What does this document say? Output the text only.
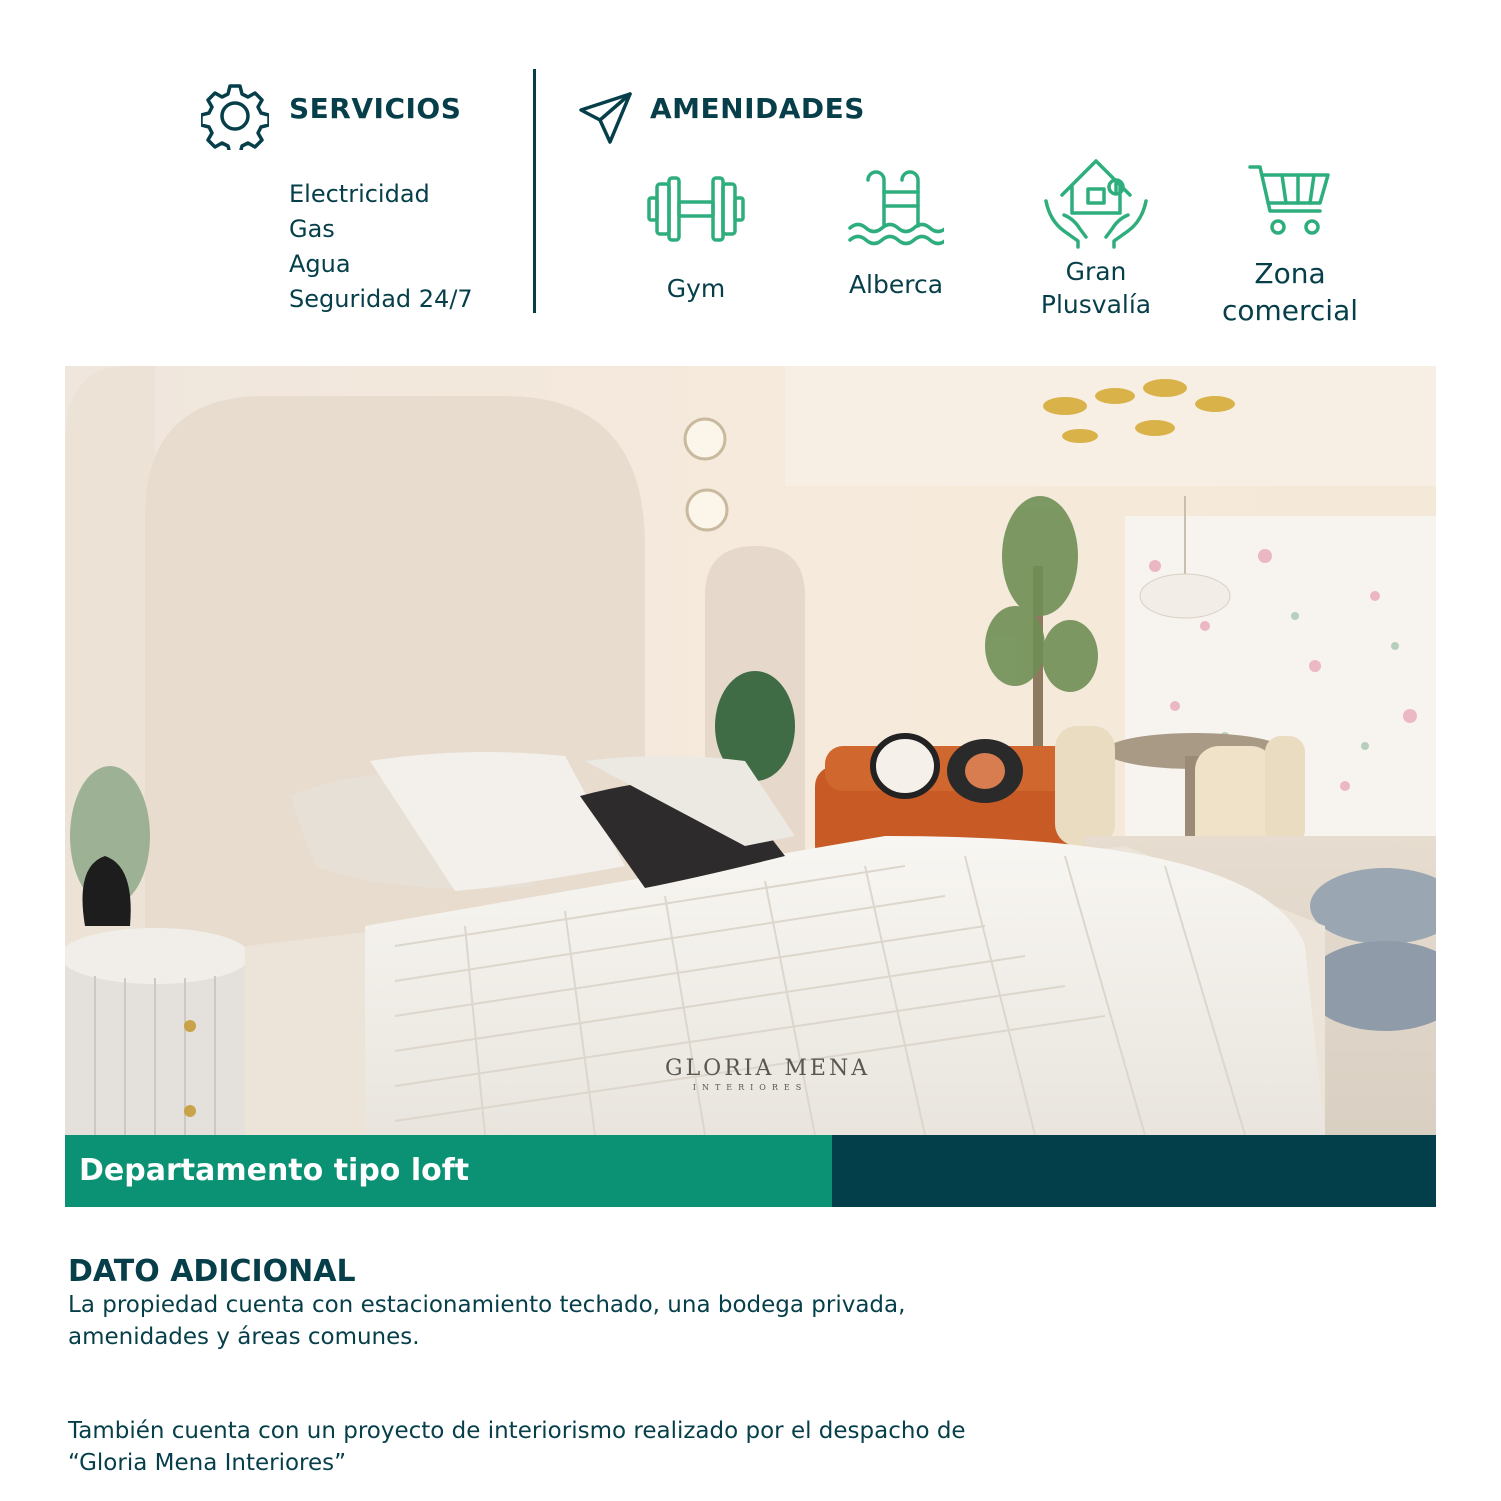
SERVICIOS
Electricidad
Gas
Agua
Seguridad 24/7
AMENIDADES
Gym	Alberca	Gran
Plusvalía
Zona
comercial
GLORIA MENA
INTERIORES
Departamento tipo loft
DATO ADICIONAL

La propiedad cuenta con estacionamiento techado, una bodega privada, amenidades y áreas comunes.

También cuenta con un proyecto de interiorismo realizado por el despacho de “Gloria Mena Interiores”
